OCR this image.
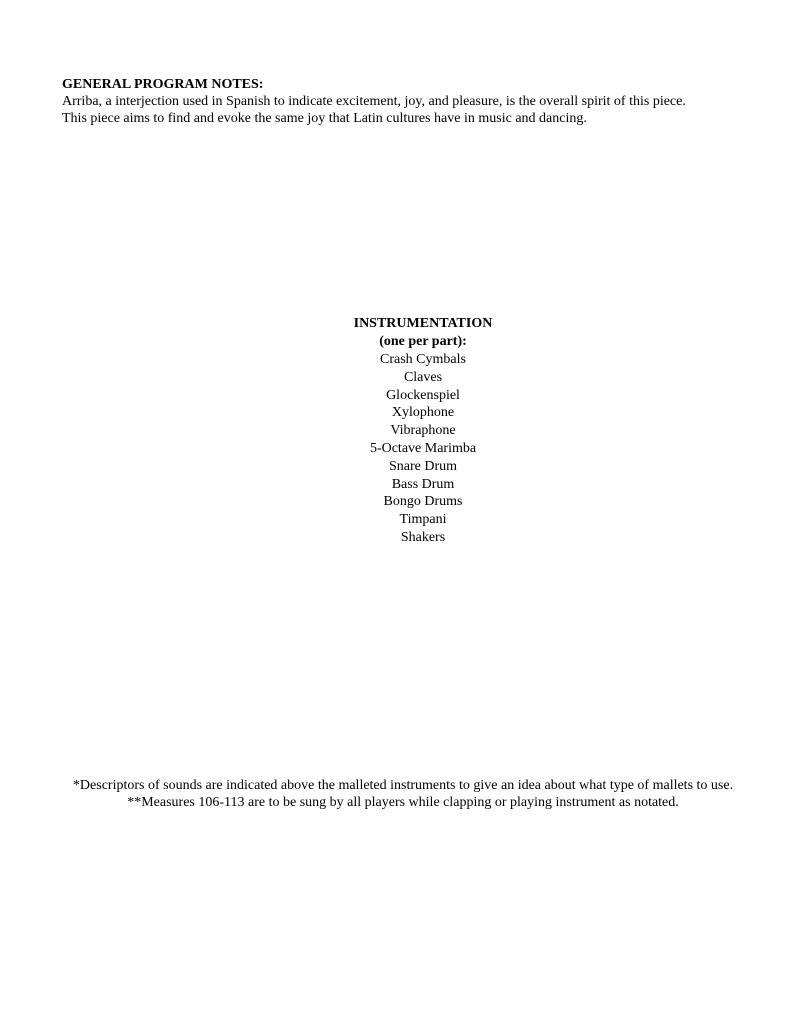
GENERAL PROGRAM NOTES:
Arriba, a interjection used in Spanish to indicate excitement, joy, and pleasure, is the overall spirit of this piece.
This piece aims to find and evoke the same joy that Latin cultures have in music and dancing.
INSTRUMENTATION
(one per part):
Crash Cymbals
Claves
Glockenspiel
Xylophone
Vibraphone
5-Octave Marimba
Snare Drum
Bass Drum
Bongo Drums
Timpani
Shakers
*Descriptors of sounds are indicated above the malleted instruments to give an idea about what type of mallets to use.
**Measures 106-113 are to be sung by all players while clapping or playing instrument as notated.
